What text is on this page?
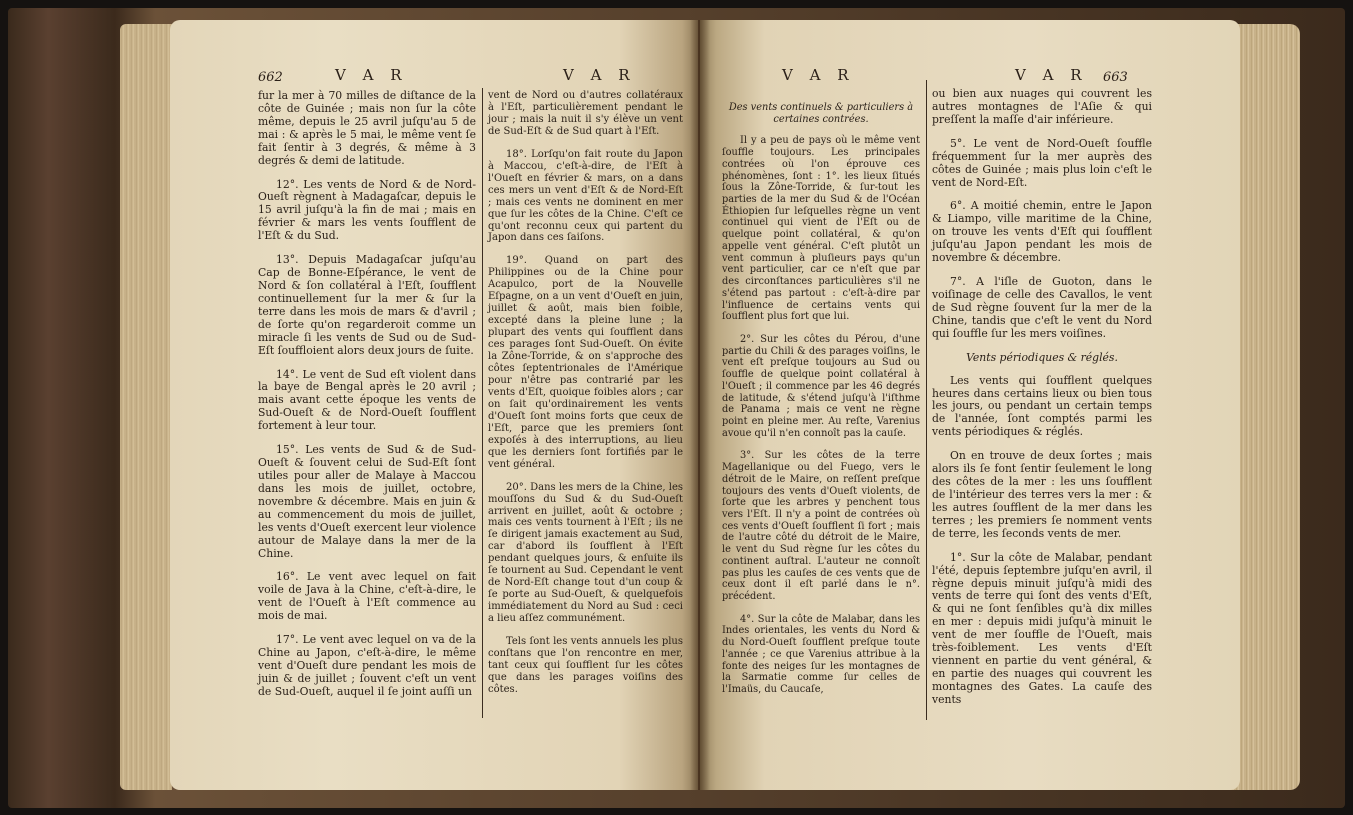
662	V A R	V A R

fur la mer à 70 milles de diſtance de la côte de Guinée ; mais non ſur la côte même, depuis le 25 avril juſqu'au 5 de mai : & après le 5 mai, le même vent ſe fait ſentir à 3 degrés, & même à 3 degrés & demi de latitude.

12°. Les vents de Nord & de Nord-Oueſt règnent à Madagaſcar, depuis le 15 avril juſqu'à la fin de mai ; mais en février & mars les vents ſoufflent de l'Eſt & du Sud.

13°. Depuis Madagaſcar juſqu'au Cap de Bonne-Eſpérance, le vent de Nord & ſon collatéral à l'Eſt, ſoufflent continuellement ſur la mer & ſur la terre dans les mois de mars & d'avril ; de ſorte qu'on regarderoit comme un miracle ſi les vents de Sud ou de Sud-Eſt ſouffloient alors deux jours de ſuite.

14°. Le vent de Sud eſt violent dans la baye de Bengal après le 20 avril ; mais avant cette époque les vents de Sud-Oueſt & de Nord-Oueſt ſoufflent fortement à leur tour.

15°. Les vents de Sud & de Sud-Oueſt & ſouvent celui de Sud-Eſt ſont utiles pour aller de Malaye à Maccou dans les mois de juillet, octobre, novembre & décembre. Mais en juin & au commencement du mois de juillet, les vents d'Oueſt exercent leur violence autour de Malaye dans la mer de la Chine.

16°. Le vent avec lequel on fait voile de Java à la Chine, c'eſt-à-dire, le vent de l'Oueſt à l'Eſt commence au mois de mai.

17°. Le vent avec lequel on va de la Chine au Japon, c'eſt-à-dire, le même vent d'Oueſt dure pendant les mois de juin & de juillet ; ſouvent c'eſt un vent de Sud-Oueſt, auquel il ſe joint auſſi un

vent de Nord ou d'autres collatéraux à l'Eſt, particulièrement pendant le jour ; mais la nuit il s'y élève un vent de Sud-Eſt & de Sud quart à l'Eſt.

18°. Lorſqu'on fait route du Japon à Maccou, c'eſt-à-dire, de l'Eſt à l'Oueſt en février & mars, on a dans ces mers un vent d'Eſt & de Nord-Eſt ; mais ces vents ne dominent en mer que ſur les côtes de la Chine. C'eſt ce qu'ont reconnu ceux qui partent du Japon dans ces ſaiſons.

19°. Quand on part des Philippines ou de la Chine pour Acapulco, port de la Nouvelle Eſpagne, on a un vent d'Oueſt en juin, juillet & août, mais bien foible, excepté dans la pleine lune ; la plupart des vents qui ſoufflent dans ces parages ſont Sud-Oueſt. On évite la Zône-Torride, & on s'approche des côtes ſeptentrionales de l'Amérique pour n'être pas contrarié par les vents d'Eſt, quoique foibles alors ; car on ſait qu'ordinairement les vents d'Oueſt ſont moins forts que ceux de l'Eſt, parce que les premiers ſont expoſés à des interruptions, au lieu que les derniers ſont fortifiés par le vent général.

20°. Dans les mers de la Chine, les mouſſons du Sud & du Sud-Oueſt arrivent en juillet, août & octobre ; mais ces vents tournent à l'Eſt ; ils ne ſe dirigent jamais exactement au Sud, car d'abord ils ſoufflent à l'Eſt pendant quelques jours, & enſuite ils ſe tournent au Sud. Cependant le vent de Nord-Eſt change tout d'un coup & ſe porte au Sud-Oueſt, & quelquefois immédiatement du Nord au Sud : ceci a lieu aſſez communément.

Tels ſont les vents annuels les plus conſtans que l'on rencontre en mer, tant ceux qui ſoufflent ſur les côtes que dans les parages voiſins des côtes.

V A R	V A R 663
Des vents continuels & particuliers à certaines contrées.

Il y a peu de pays où le même vent ſouffle toujours. Les principales contrées où l'on éprouve ces phénomènes, ſont : 1°. les lieux ſitués ſous la Zône-Torride, & ſur-tout les parties de la mer du Sud & de l'Océan Éthiopien ſur leſquelles règne un vent continuel qui vient de l'Eſt ou de quelque point collatéral, & qu'on appelle vent général. C'eſt plutôt un vent commun à pluſieurs pays qu'un vent particulier, car ce n'eſt que par des circonſtances particulières s'il ne s'étend pas partout : c'eſt-à-dire par l'influence de certains vents qui ſoufflent plus fort que lui.

2°. Sur les côtes du Pérou, d'une partie du Chili & des parages voiſins, le vent eſt preſque toujours au Sud ou ſouffle de quelque point collatéral à l'Oueſt ; il commence par les 46 degrés de latitude, & s'étend juſqu'à l'iſthme de Panama ; mais ce vent ne règne point en pleine mer. Au reſte, Varenius avoue qu'il n'en connoît pas la cauſe.

3°. Sur les côtes de la terre Magellanique ou del Fuego, vers le détroit de le Maire, on reſſent preſque toujours des vents d'Oueſt violents, de ſorte que les arbres y penchent tous vers l'Eſt. Il n'y a point de contrées où ces vents d'Oueſt ſoufflent ſi fort ; mais de l'autre côté du détroit de le Maire, le vent du Sud règne ſur les côtes du continent auſtral. L'auteur ne connoît pas plus les cauſes de ces vents que de ceux dont il eſt parlé dans le n°. précédent.

4°. Sur la côte de Malabar, dans les Indes orientales, les vents du Nord & du Nord-Oueſt ſoufflent preſque toute l'année ; ce que Varenius attribue à la fonte des neiges ſur les montagnes de la Sarmatie comme ſur celles de l'Imaüs, du Caucaſe,

ou bien aux nuages qui couvrent les autres montagnes de l'Aſie & qui preſſent la maſſe d'air inférieure.

5°. Le vent de Nord-Oueſt ſouffle fréquemment ſur la mer auprès des côtes de Guinée ; mais plus loin c'eſt le vent de Nord-Eſt.

6°. A moitié chemin, entre le Japon & Liampo, ville maritime de la Chine, on trouve les vents d'Eſt qui ſoufflent juſqu'au Japon pendant les mois de novembre & décembre.

7°. A l'iſle de Guoton, dans le voiſinage de celle des Cavallos, le vent de Sud règne ſouvent ſur la mer de la Chine, tandis que c'eſt le vent du Nord qui ſouffle ſur les mers voiſines.

Vents périodiques & réglés.

Les vents qui ſoufflent quelques heures dans certains lieux ou bien tous les jours, ou pendant un certain temps de l'année, ſont comptés parmi les vents périodiques & réglés.

On en trouve de deux ſortes ; mais alors ils ſe font ſentir ſeulement le long des côtes de la mer : les uns ſoufflent de l'intérieur des terres vers la mer : & les autres ſoufflent de la mer dans les terres ; les premiers ſe nomment vents de terre, les ſeconds vents de mer.

1°. Sur la côte de Malabar, pendant l'été, depuis ſeptembre juſqu'en avril, il règne depuis minuit juſqu'à midi des vents de terre qui ſont des vents d'Eſt, & qui ne ſont ſenſibles qu'à dix milles en mer : depuis midi juſqu'à minuit le vent de mer ſouffle de l'Oueſt, mais très-foiblement. Les vents d'Eſt viennent en partie du vent général, & en partie des nuages qui couvrent les montagnes des Gates. La cauſe des vents
